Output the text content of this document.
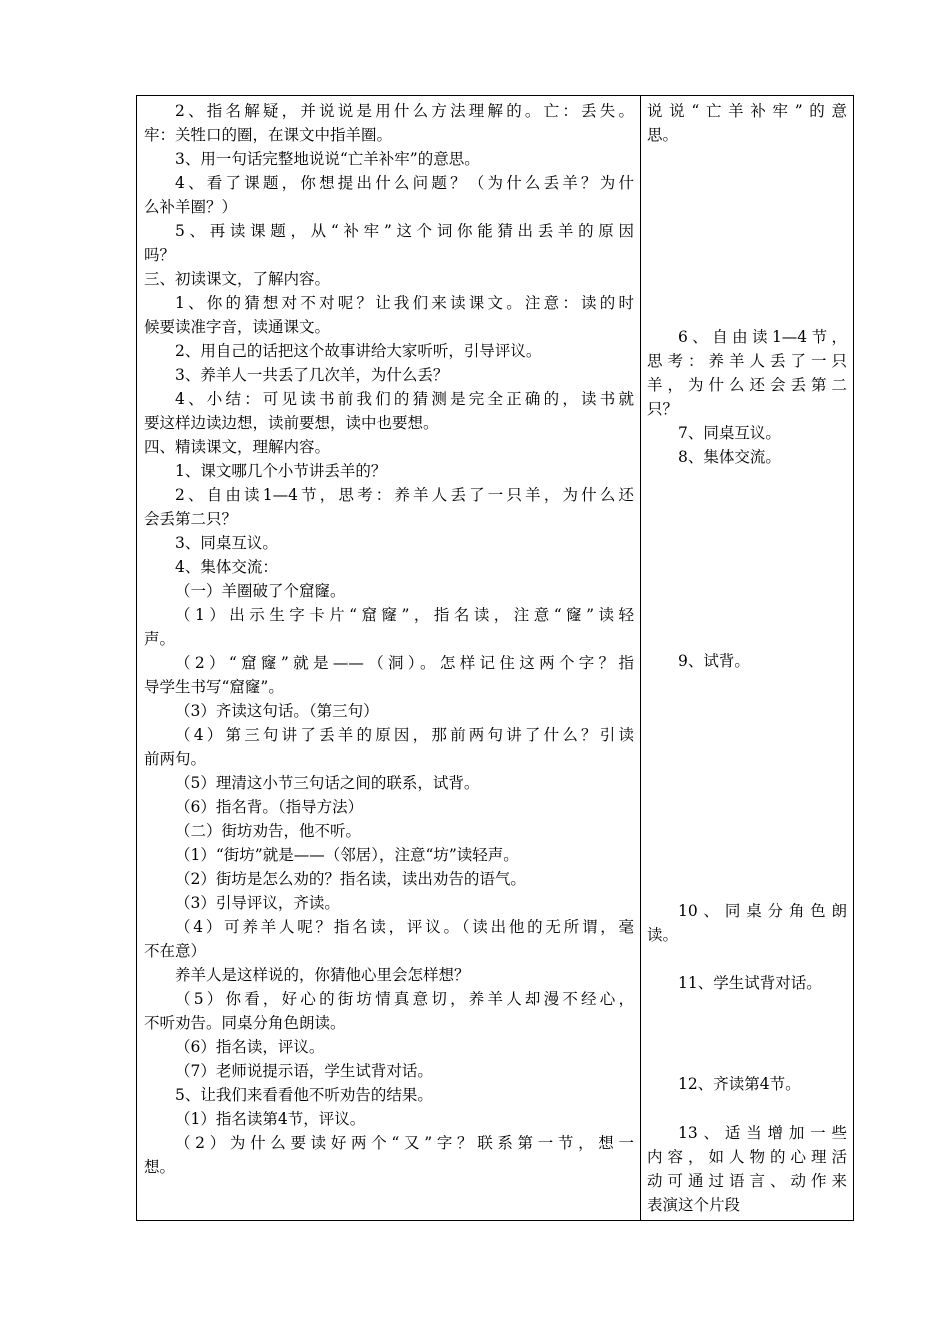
2、指名解疑，并说说是用什么方法理解的。亡：丢失。
牢：关牲口的圈，在课文中指羊圈。
3、用一句话完整地说说“亡羊补牢”的意思。
4、看了课题，你想提出什么问题？（为什么丢羊？为什
么补羊圈？）
5、再读课题，从“补牢”这个词你能猜出丢羊的原因
吗？
三、初读课文，了解内容。
1、你的猜想对不对呢？让我们来读课文。注意：读的时
候要读准字音，读通课文。
2、用自己的话把这个故事讲给大家听听，引导评议。
3、养羊人一共丢了几次羊，为什么丢？
4、小结：可见读书前我们的猜测是完全正确的，读书就
要这样边读边想，读前要想，读中也要想。
四、精读课文，理解内容。
1、课文哪几个小节讲丢羊的？
2、自由读1—4节，思考：养羊人丢了一只羊，为什么还
会丢第二只？
3、同桌互议。
4、集体交流：
（一）羊圈破了个窟窿。
（1）出示生字卡片“窟窿”，指名读，注意“窿”读轻
声。
（2）“窟窿”就是——（洞）。怎样记住这两个字？指
导学生书写“窟窿”。
（3）齐读这句话。（第三句）
（4）第三句讲了丢羊的原因，那前两句讲了什么？引读
前两句。
（5）理清这小节三句话之间的联系，试背。
（6）指名背。（指导方法）
（二）街坊劝告，他不听。
（1）“街坊”就是——（邻居），注意“坊”读轻声。
（2）街坊是怎么劝的？指名读，读出劝告的语气。
（3）引导评议，齐读。
（4）可养羊人呢？指名读，评议。（读出他的无所谓，毫
不在意）
养羊人是这样说的，你猜他心里会怎样想？
（5）你看，好心的街坊情真意切，养羊人却漫不经心，
不听劝告。同桌分角色朗读。
（6）指名读，评议。
（7）老师说提示语，学生试背对话。
5、让我们来看看他不听劝告的结果。
（1）指名读第4节，评议。
（2）为什么要读好两个“又”字？联系第一节，想一
想。
说说“亡羊补牢”的意
思。
6、自由读1—4节，
思考：养羊人丢了一只
羊，为什么还会丢第二
只？
7、同桌互议。
8、集体交流。
9、试背。
10、同桌分角色朗
读。
11、学生试背对话。
12、齐读第4节。
13、适当增加一些
内容，如人物的心理活
动可通过语言、动作来
表演这个片段
